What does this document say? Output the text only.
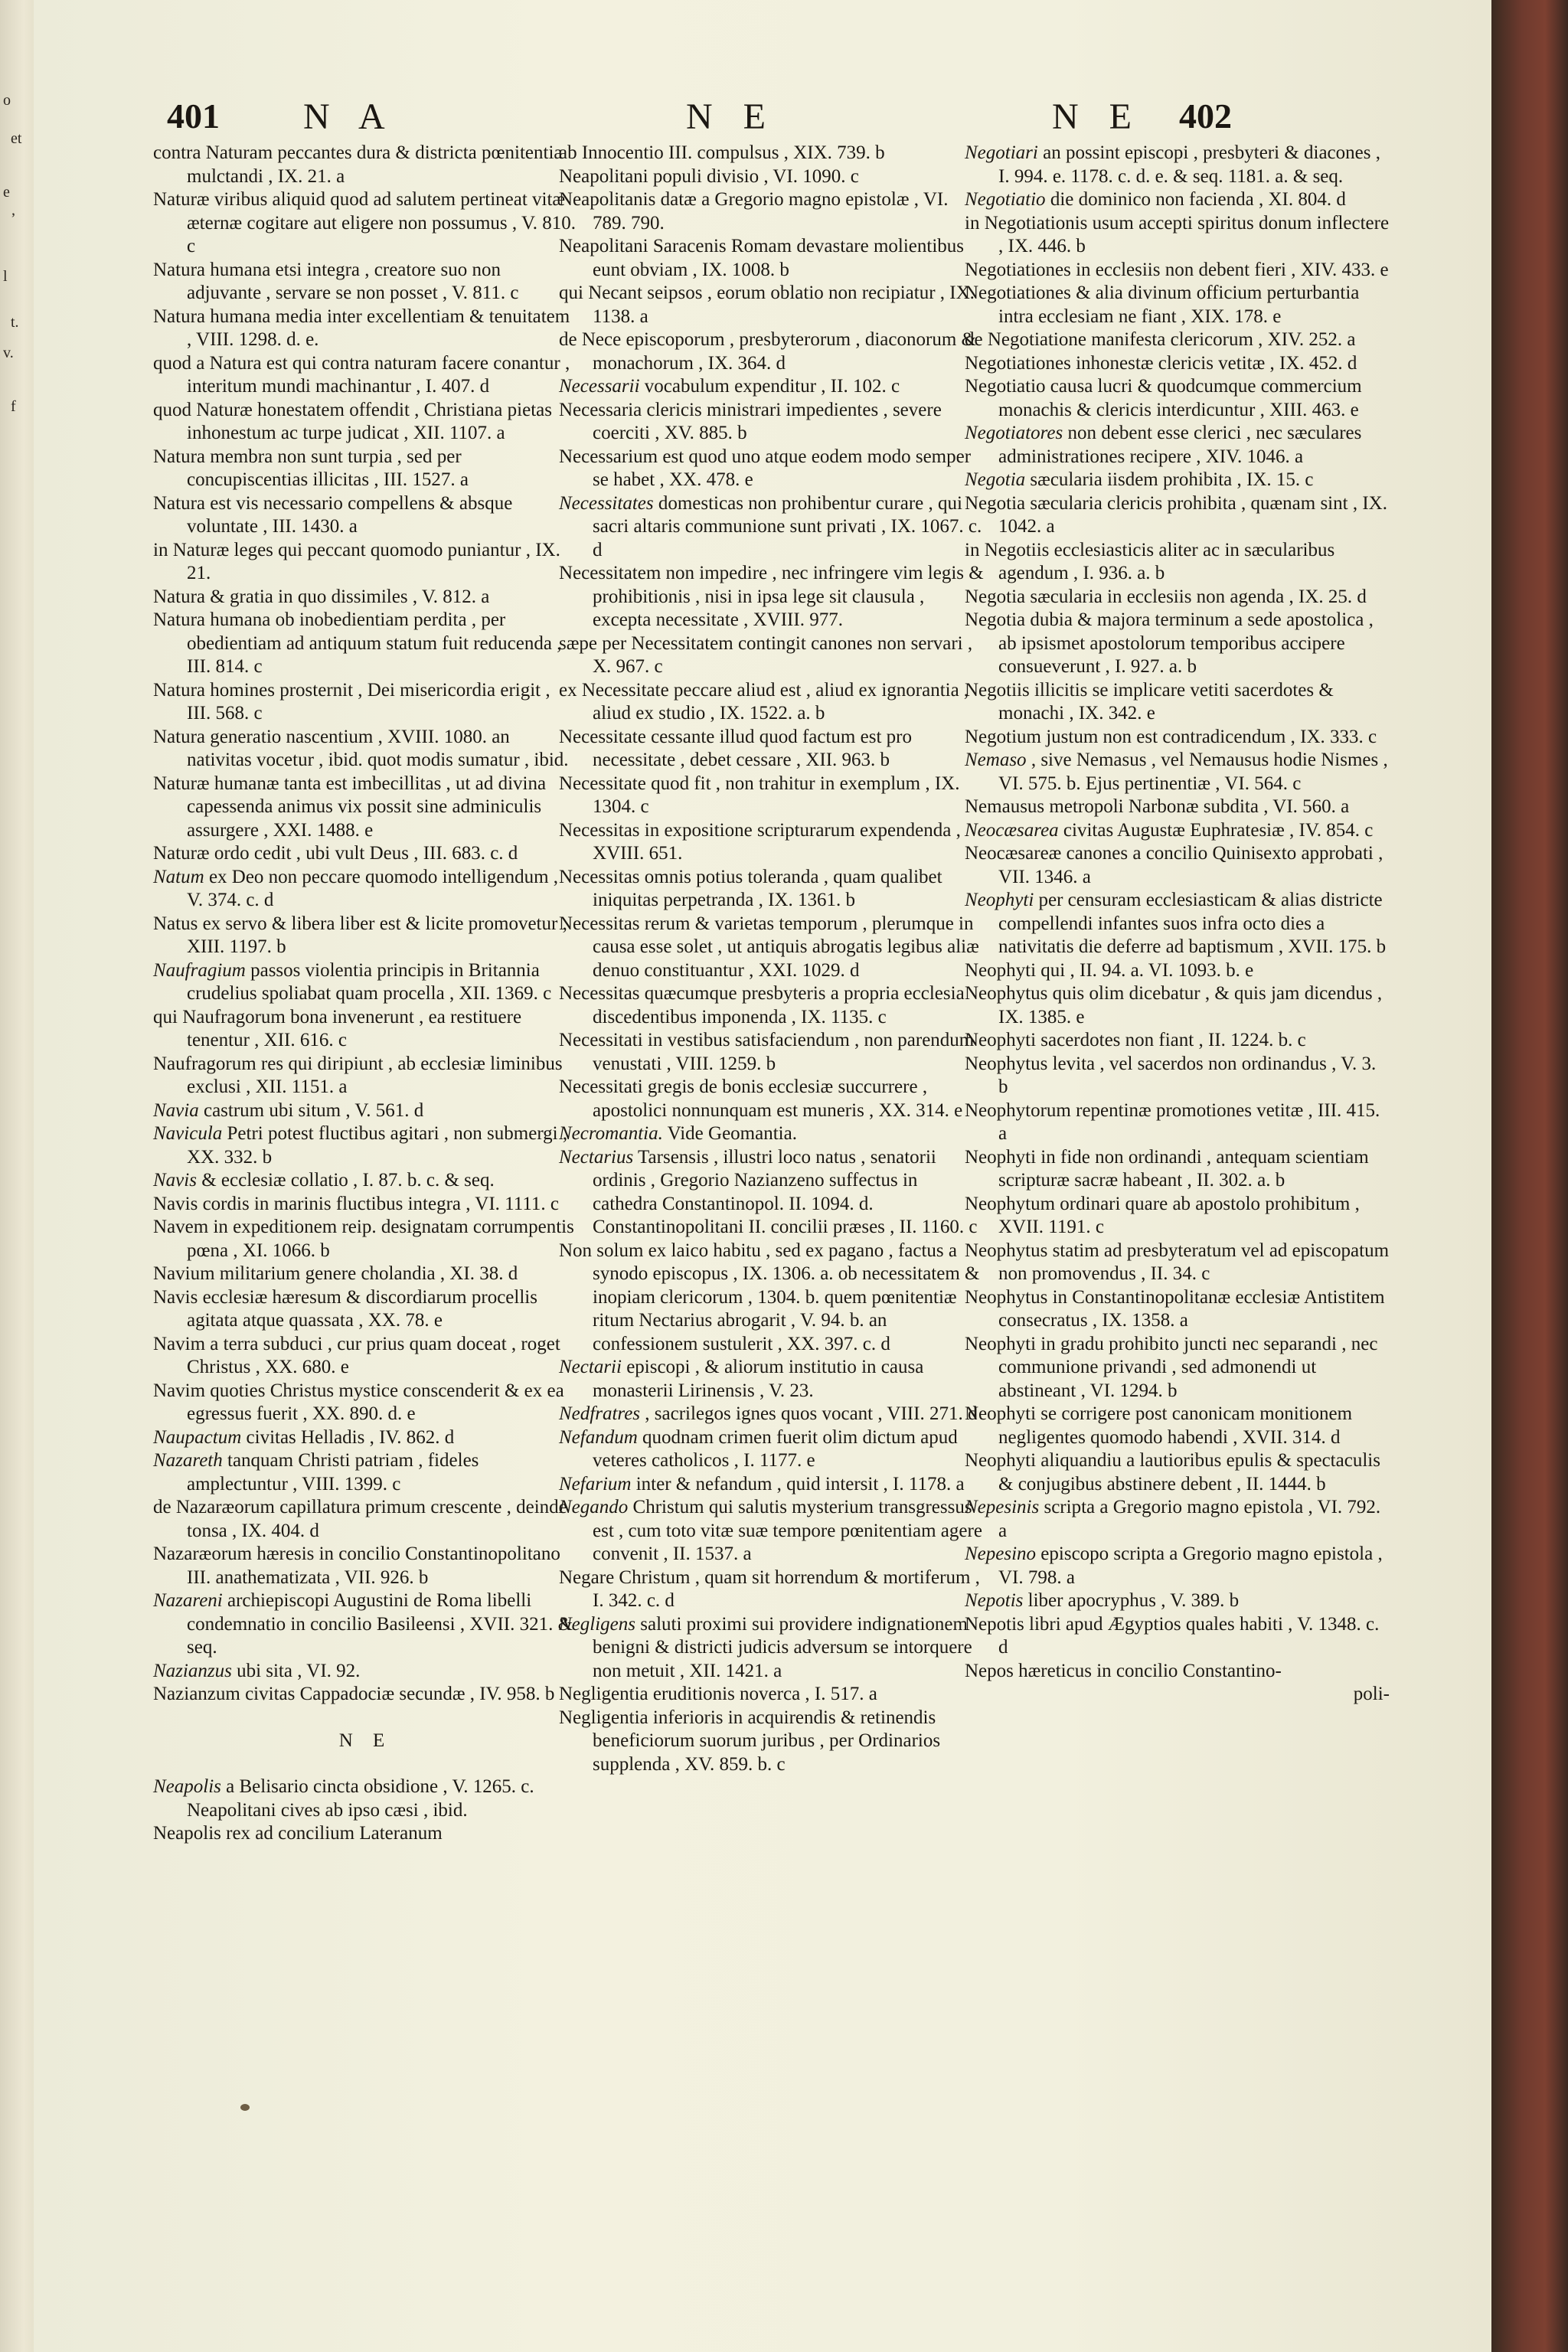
o
et
e
ʼ
l
t.
v.
f
401 N A	N E	N E 402

contra Naturam peccantes dura & districta pœnitentia mulctandi , IX. 21. a

Naturæ viribus aliquid quod ad salutem pertineat vitæ æternæ cogitare aut eligere non possumus , V. 810. c

Natura humana etsi integra , creatore suo non adjuvante , servare se non posset , V. 811. c

Natura humana media inter excellentiam & tenuitatem , VIII. 1298. d. e.

quod a Natura est qui contra naturam facere conantur , interitum mundi machinantur , I. 407. d

quod Naturæ honestatem offendit , Christiana pietas inhonestum ac turpe judicat , XII. 1107. a

Natura membra non sunt turpia , sed per concupiscentias illicitas , III. 1527. a

Natura est vis necessario compellens & absque voluntate , III. 1430. a

in Naturæ leges qui peccant quomodo puniantur , IX. 21.

Natura & gratia in quo dissimiles , V. 812. a

Natura humana ob inobedientiam perdita , per obedientiam ad antiquum statum fuit reducenda , III. 814. c

Natura homines prosternit , Dei misericordia erigit , III. 568. c

Natura generatio nascentium , XVIII. 1080. an nativitas vocetur , ibid. quot modis sumatur , ibid.

Naturæ humanæ tanta est imbecillitas , ut ad divina capessenda animus vix possit sine adminiculis assurgere , XXI. 1488. e

Naturæ ordo cedit , ubi vult Deus , III. 683. c. d

Natum ex Deo non peccare quomodo intelligendum , V. 374. c. d

Natus ex servo & libera liber est & licite promovetur , XIII. 1197. b

Naufragium passos violentia principis in Britannia crudelius spoliabat quam procella , XII. 1369. c

qui Naufragorum bona invenerunt , ea restituere tenentur , XII. 616. c

Naufragorum res qui diripiunt , ab ecclesiæ liminibus exclusi , XII. 1151. a

Navia castrum ubi situm , V. 561. d

Navicula Petri potest fluctibus agitari , non submergi , XX. 332. b

Navis & ecclesiæ collatio , I. 87. b. c. & seq.

Navis cordis in marinis fluctibus integra , VI. 1111. c

Navem in expeditionem reip. designatam corrumpentis pœna , XI. 1066. b

Navium militarium genere cholandia , XI. 38. d

Navis ecclesiæ hæresum & discordiarum procellis agitata atque quassata , XX. 78. e

Navim a terra subduci , cur prius quam doceat , roget Christus , XX. 680. e

Navim quoties Christus mystice conscenderit & ex ea egressus fuerit , XX. 890. d. e

Naupactum civitas Helladis , IV. 862. d

Nazareth tanquam Christi patriam , fideles amplectuntur , VIII. 1399. c

de Nazaræorum capillatura primum crescente , deinde tonsa , IX. 404. d

Nazaræorum hæresis in concilio Constantinopolitano III. anathematizata , VII. 926. b

Nazareni archiepiscopi Augustini de Roma libelli condemnatio in concilio Basileensi , XVII. 321. & seq.

Nazianzus ubi sita , VI. 92.

Nazianzum civitas Cappadociæ secundæ , IV. 958. b

N E

Neapolis a Belisario cincta obsidione , V. 1265. c. Neapolitani cives ab ipso cæsi , ibid.

Neapolis rex ad concilium Lateranum

ab Innocentio III. compulsus , XIX. 739. b

Neapolitani populi divisio , VI. 1090. c

Neapolitanis datæ a Gregorio magno epistolæ , VI. 789. 790.

Neapolitani Saracenis Romam devastare molientibus eunt obviam , IX. 1008. b

qui Necant seipsos , eorum oblatio non recipiatur , IX. 1138. a

de Nece episcoporum , presbyterorum , diaconorum & monachorum , IX. 364. d

Necessarii vocabulum expenditur , II. 102. c

Necessaria clericis ministrari impedientes , severe coerciti , XV. 885. b

Necessarium est quod uno atque eodem modo semper se habet , XX. 478. e

Necessitates domesticas non prohibentur curare , qui sacri altaris communione sunt privati , IX. 1067. c. d

Necessitatem non impedire , nec infringere vim legis & prohibitionis , nisi in ipsa lege sit clausula , excepta necessitate , XVIII. 977.

sæpe per Necessitatem contingit canones non servari , X. 967. c

ex Necessitate peccare aliud est , aliud ex ignorantia , aliud ex studio , IX. 1522. a. b

Necessitate cessante illud quod factum est pro necessitate , debet cessare , XII. 963. b

Necessitate quod fit , non trahitur in exemplum , IX. 1304. c

Necessitas in expositione scripturarum expendenda , XVIII. 651.

Necessitas omnis potius toleranda , quam qualibet iniquitas perpetranda , IX. 1361. b

Necessitas rerum & varietas temporum , plerumque in causa esse solet , ut antiquis abrogatis legibus aliæ denuo constituantur , XXI. 1029. d

Necessitas quæcumque presbyteris a propria ecclesia discedentibus imponenda , IX. 1135. c

Necessitati in vestibus satisfaciendum , non parendum venustati , VIII. 1259. b

Necessitati gregis de bonis ecclesiæ succurrere , apostolici nonnunquam est muneris , XX. 314. e

Necromantia. Vide Geomantia.

Nectarius Tarsensis , illustri loco natus , senatorii ordinis , Gregorio Nazianzeno suffectus in cathedra Constantinopol. II. 1094. d. Constantinopolitani II. concilii præses , II. 1160. c

Non solum ex laico habitu , sed ex pagano , factus a synodo episcopus , IX. 1306. a. ob necessitatem & inopiam clericorum , 1304. b. quem pœnitentiæ ritum Nectarius abrogarit , V. 94. b. an confessionem sustulerit , XX. 397. c. d

Nectarii episcopi , & aliorum institutio in causa monasterii Lirinensis , V. 23.

Nedfratres , sacrilegos ignes quos vocant , VIII. 271. d

Nefandum quodnam crimen fuerit olim dictum apud veteres catholicos , I. 1177. e

Nefarium inter & nefandum , quid intersit , I. 1178. a

Negando Christum qui salutis mysterium transgressus est , cum toto vitæ suæ tempore pœnitentiam agere convenit , II. 1537. a

Negare Christum , quam sit horrendum & mortiferum , I. 342. c. d

Negligens saluti proximi sui providere indignationem benigni & districti judicis adversum se intorquere non metuit , XII. 1421. a

Negligentia eruditionis noverca , I. 517. a

Negligentia inferioris in acquirendis & retinendis beneficiorum suorum juribus , per Ordinarios supplenda , XV. 859. b. c

Negotiari an possint episcopi , presbyteri & diacones , I. 994. e. 1178. c. d. e. & seq. 1181. a. & seq.

Negotiatio die dominico non facienda , XI. 804. d

in Negotiationis usum accepti spiritus donum inflectere , IX. 446. b

Negotiationes in ecclesiis non debent fieri , XIV. 433. e

Negotiationes & alia divinum officium perturbantia intra ecclesiam ne fiant , XIX. 178. e

de Negotiatione manifesta clericorum , XIV. 252. a

Negotiationes inhonestæ clericis vetitæ , IX. 452. d

Negotiatio causa lucri & quodcumque commercium monachis & clericis interdicuntur , XIII. 463. e

Negotiatores non debent esse clerici , nec sæculares administrationes recipere , XIV. 1046. a

Negotia sæcularia iisdem prohibita , IX. 15. c

Negotia sæcularia clericis prohibita , quænam sint , IX. 1042. a

in Negotiis ecclesiasticis aliter ac in sæcularibus agendum , I. 936. a. b

Negotia sæcularia in ecclesiis non agenda , IX. 25. d

Negotia dubia & majora terminum a sede apostolica , ab ipsismet apostolorum temporibus accipere consueverunt , I. 927. a. b

Negotiis illicitis se implicare vetiti sacerdotes & monachi , IX. 342. e

Negotium justum non est contradicendum , IX. 333. c

Nemaso , sive Nemasus , vel Nemausus hodie Nismes , VI. 575. b. Ejus pertinentiæ , VI. 564. c

Nemausus metropoli Narbonæ subdita , VI. 560. a

Neocæsarea civitas Augustæ Euphratesiæ , IV. 854. c

Neocæsareæ canones a concilio Quinisexto approbati , VII. 1346. a

Neophyti per censuram ecclesiasticam & alias districte compellendi infantes suos infra octo dies a nativitatis die deferre ad baptismum , XVII. 175. b

Neophyti qui , II. 94. a. VI. 1093. b. e

Neophytus quis olim dicebatur , & quis jam dicendus , IX. 1385. e

Neophyti sacerdotes non fiant , II. 1224. b. c

Neophytus levita , vel sacerdos non ordinandus , V. 3. b

Neophytorum repentinæ promotiones vetitæ , III. 415. a

Neophyti in fide non ordinandi , antequam scientiam scripturæ sacræ habeant , II. 302. a. b

Neophytum ordinari quare ab apostolo prohibitum , XVII. 1191. c

Neophytus statim ad presbyteratum vel ad episcopatum non promovendus , II. 34. c

Neophytus in Constantinopolitanæ ecclesiæ Antistitem consecratus , IX. 1358. a

Neophyti in gradu prohibito juncti nec separandi , nec communione privandi , sed admonendi ut abstineant , VI. 1294. b

Neophyti se corrigere post canonicam monitionem negligentes quomodo habendi , XVII. 314. d

Neophyti aliquandiu a lautioribus epulis & spectaculis & conjugibus abstinere debent , II. 1444. b

Nepesinis scripta a Gregorio magno epistola , VI. 792. a

Nepesino episcopo scripta a Gregorio magno epistola , VI. 798. a

Nepotis liber apocryphus , V. 389. b

Nepotis libri apud Ægyptios quales habiti , V. 1348. c. d

Nepos hæreticus in concilio Constantino-

poli-
